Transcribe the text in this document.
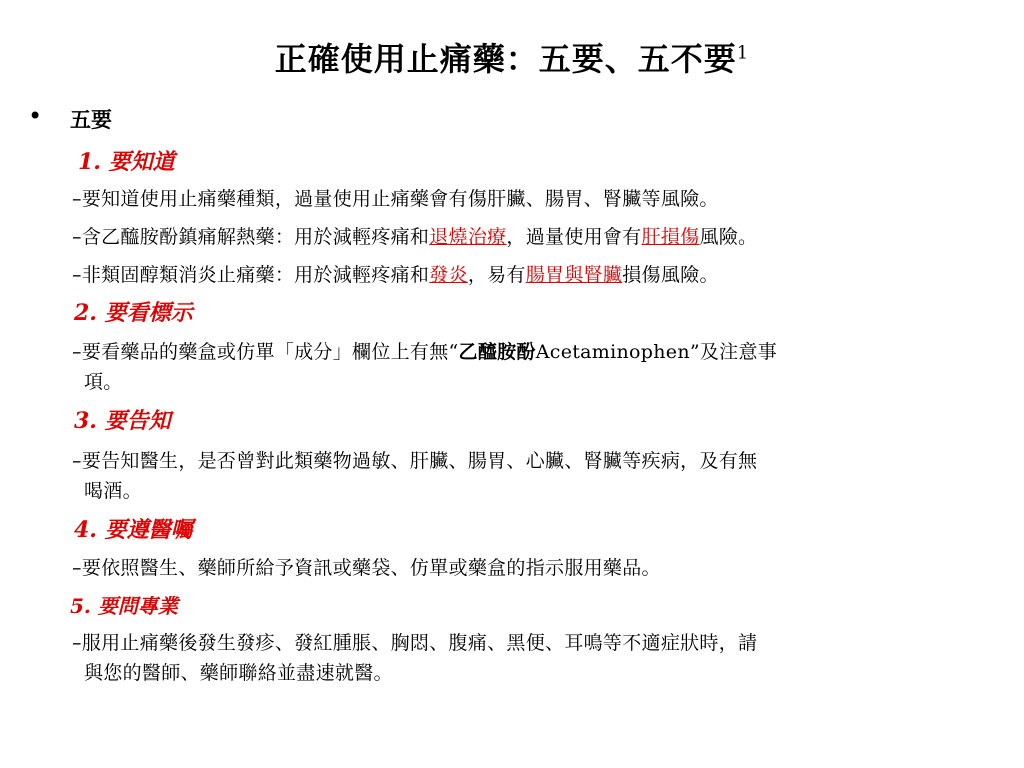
正確使用止痛藥：五要、五不要$^1$
• 五要
1. 要知道
–要知道使用止痛藥種類，過量使用止痛藥會有傷肝臟、腸胃、腎臟等風險。
–含乙醯胺酚鎮痛解熱藥：用於減輕疼痛和退燒治療，過量使用會有肝損傷風險。
–非類固醇類消炎止痛藥：用於減輕疼痛和發炎，易有腸胃與腎臟損傷風險。
2. 要看標示
–要看藥品的藥盒或仿單「成分」欄位上有無“乙醯胺酚Acetaminophen”及注意事
項。
3. 要告知
–要告知醫生，是否曾對此類藥物過敏、肝臟、腸胃、心臟、腎臟等疾病，及有無
喝酒。
4. 要遵醫囑
–要依照醫生、藥師所給予資訊或藥袋、仿單或藥盒的指示服用藥品。
5. 要問專業
–服用止痛藥後發生發疹、發紅腫脹、胸悶、腹痛、黑便、耳鳴等不適症狀時，請
與您的醫師、藥師聯絡並盡速就醫。
